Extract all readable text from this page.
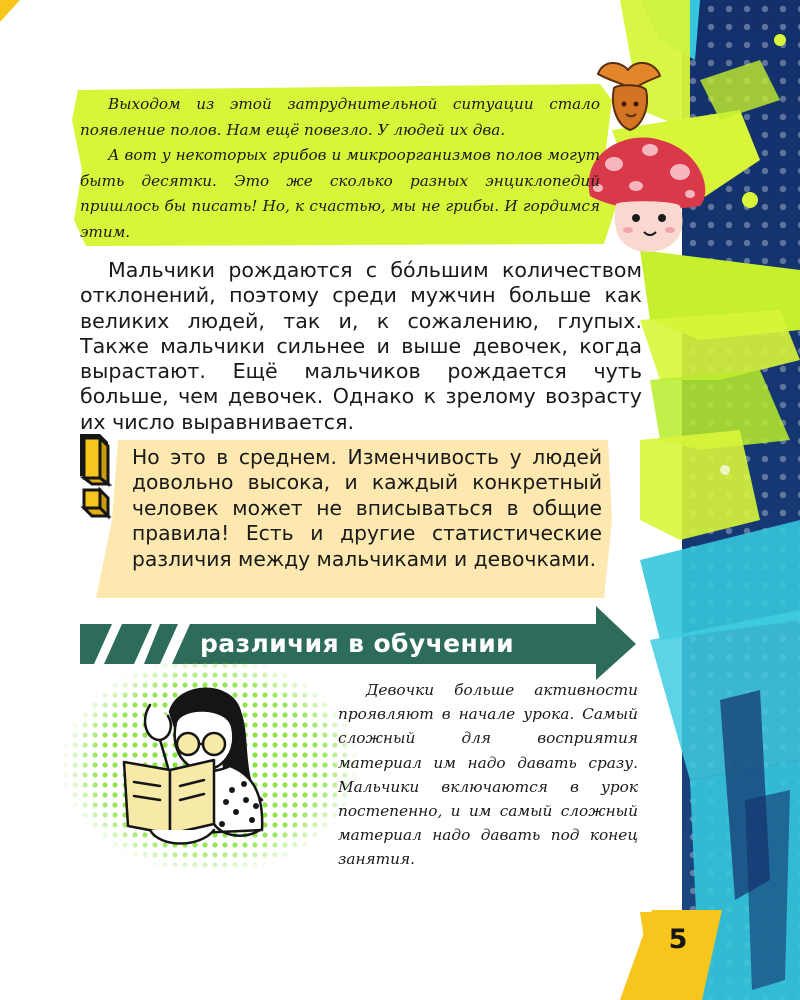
Выходом из этой затруднительной ситуации стало появление полов. Нам ещё повезло. У людей их два.

А вот у некоторых грибов и микроорганизмов полов могут быть десятки. Это же сколько разных энциклопедий пришлось бы писать! Но, к счастью, мы не грибы. И гордимся этим.

Мальчики рождаются с бóльшим количеством отклонений, поэтому среди мужчин больше как великих людей, так и, к сожалению, глупых. Также мальчики сильнее и выше девочек, когда вырастают. Ещё мальчиков рождается чуть больше, чем девочек. Однако к зрелому возрасту их число выравнивается.

Но это в среднем. Изменчивость у людей довольно высока, и каждый конкретный человек может не вписываться в общие правила! Есть и другие статистические различия между мальчиками и девочками.

различия в обучении

Девочки больше активности проявляют в начале урока. Самый сложный для восприятия материал им надо давать сразу. Мальчики включаются в урок постепенно, и им самый сложный материал надо давать под конец занятия.

5
